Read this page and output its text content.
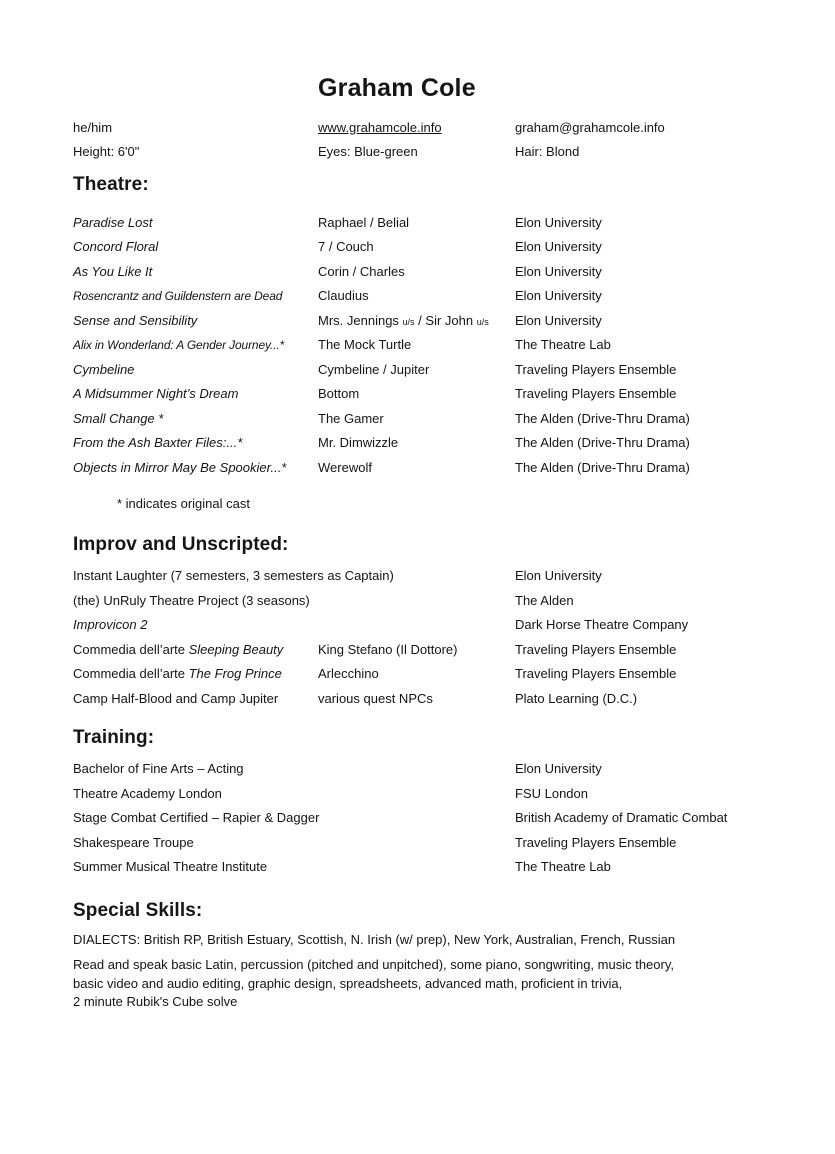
Graham Cole
he/him	www.grahamcole.info	graham@grahamcole.info
Height: 6'0"	Eyes: Blue-green	Hair: Blond
Theatre:
Paradise Lost	Raphael / Belial	Elon University
Concord Floral	7 / Couch	Elon University
As You Like It	Corin / Charles	Elon University
Rosencrantz and Guildenstern are Dead	Claudius	Elon University
Sense and Sensibility	Mrs. Jennings u/s / Sir John u/s	Elon University
Alix in Wonderland: A Gender Journey...*	The Mock Turtle	The Theatre Lab
Cymbeline	Cymbeline / Jupiter	Traveling Players Ensemble
A Midsummer Night’s Dream	Bottom	Traveling Players Ensemble
Small Change *	The Gamer	The Alden (Drive-Thru Drama)
From the Ash Baxter Files:...*	Mr. Dimwizzle	The Alden (Drive-Thru Drama)
Objects in Mirror May Be Spookier...*	Werewolf	The Alden (Drive-Thru Drama)
* indicates original cast
Improv and Unscripted:
Instant Laughter (7 semesters, 3 semesters as Captain)	Elon University
(the) UnRuly Theatre Project (3 seasons)	The Alden
Improvicon 2	Dark Horse Theatre Company
Commedia dell’arte Sleeping Beauty	King Stefano (Il Dottore)	Traveling Players Ensemble
Commedia dell’arte The Frog Prince	Arlecchino	Traveling Players Ensemble
Camp Half-Blood and Camp Jupiter	various quest NPCs	Plato Learning (D.C.)
Training:
Bachelor of Fine Arts – Acting	Elon University
Theatre Academy London	FSU London
Stage Combat Certified – Rapier & Dagger	British Academy of Dramatic Combat
Shakespeare Troupe	Traveling Players Ensemble
Summer Musical Theatre Institute	The Theatre Lab
Special Skills:
DIALECTS: British RP, British Estuary, Scottish, N. Irish (w/ prep), New York, Australian, French, Russian
Read and speak basic Latin, percussion (pitched and unpitched), some piano, songwriting, music theory,
basic video and audio editing, graphic design, spreadsheets, advanced math, proficient in trivia,
2 minute Rubik's Cube solve
